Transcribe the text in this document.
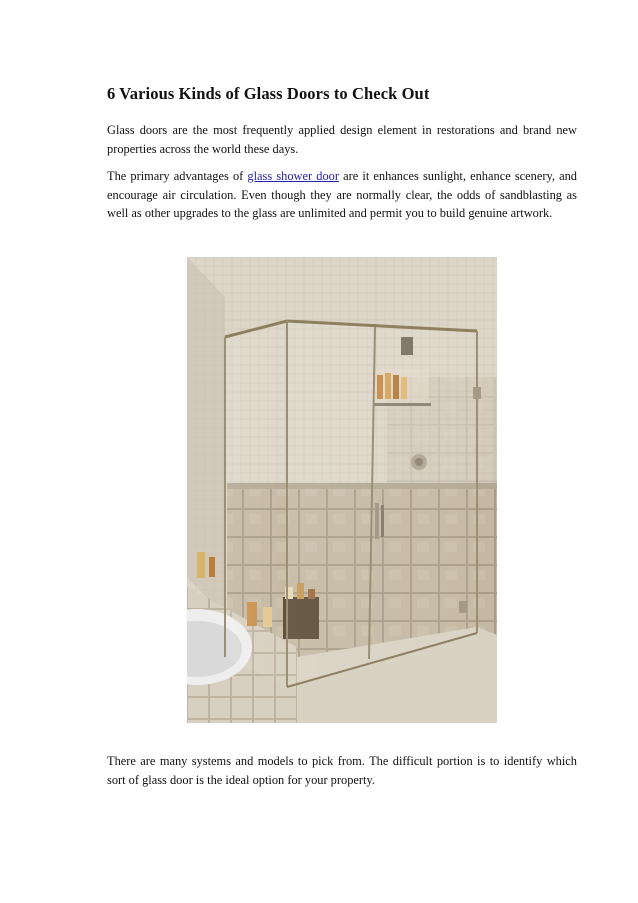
6 Various Kinds of Glass Doors to Check Out

Glass doors are the most frequently applied design element in restorations and brand new properties across the world these days.

The primary advantages of glass shower door are it enhances sunlight, enhance scenery, and encourage air circulation. Even though they are normally clear, the odds of sandblasting as well as other upgrades to the glass are unlimited and permit you to build genuine artwork.

There are many systems and models to pick from. The difficult portion is to identify which sort of glass door is the ideal option for your property.
